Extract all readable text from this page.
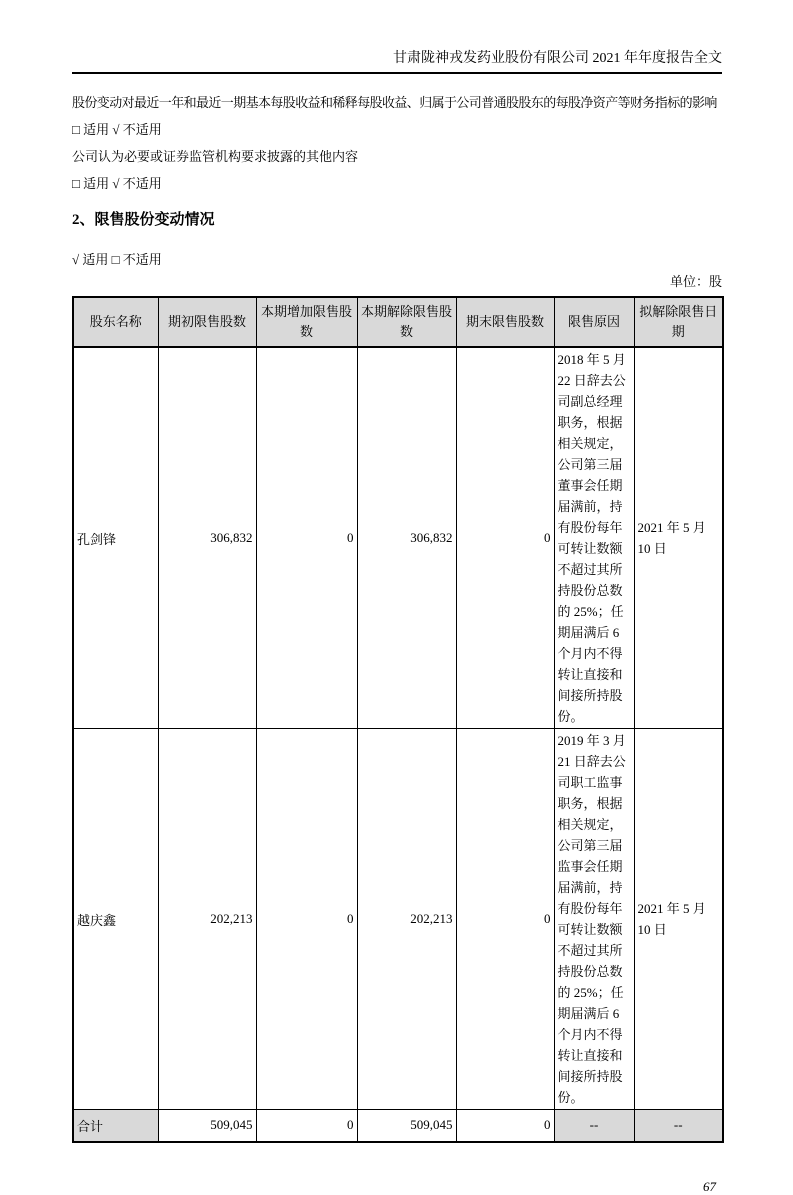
甘肃陇神戎发药业股份有限公司 2021 年年度报告全文
股份变动对最近一年和最近一期基本每股收益和稀释每股收益、归属于公司普通股股东的每股净资产等财务指标的影响
□ 适用 √ 不适用
公司认为必要或证券监管机构要求披露的其他内容
□ 适用 √ 不适用
2、限售股份变动情况
√ 适用 □ 不适用
单位：股
股东名称	期初限售股数	本期增加限售股数	本期解除限售股数	期末限售股数	限售原因	拟解除限售日期
孔剑锋	306,832	0	306,832	0	2018 年 5 月 22 日辞去公司副总经理职务，根据相关规定，公司第三届董事会任期届满前，持有股份每年可转让数额不超过其所持股份总数的 25%；任期届满后 6 个月内不得转让直接和间接所持股份。	2021 年 5 月 10 日
越庆鑫	202,213	0	202,213	0	2019 年 3 月 21 日辞去公司职工监事职务，根据相关规定，公司第三届监事会任期届满前，持有股份每年可转让数额不超过其所持股份总数的 25%；任期届满后 6 个月内不得转让直接和间接所持股份。	2021 年 5 月 10 日
合计	509,045	0	509,045	0	--	--
67
